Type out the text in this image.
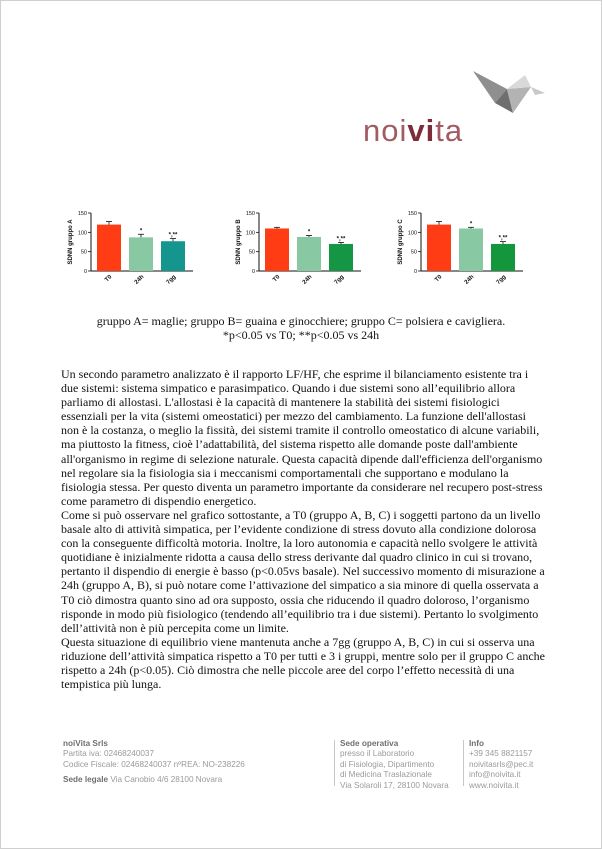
noivita
SDNN gruppo A
0
50
100
150
T0
*
24h
*,**
7gg
SDNN gruppo B
0
50
100
150
T0
*
24h
*,**
7gg
SDNN gruppo C
0
50
100
150
T0
*
24h
*,**
7gg
gruppo A= maglie; gruppo B= guaina e ginocchiere; gruppo C= polsiera e cavigliera.
*p<0.05 vs T0; **p<0.05 vs 24h

Un secondo parametro analizzato è il rapporto LF/HF, che esprime il bilanciamento esistente tra i due sistemi: sistema simpatico e parasimpatico. Quando i due sistemi sono all’equilibrio allora parliamo di allostasi. L'allostasi è la capacità di mantenere la stabilità dei sistemi fisiologici essenziali per la vita (sistemi omeostatici) per mezzo del cambiamento. La funzione dell'allostasi non è la costanza, o meglio la fissità, dei sistemi tramite il controllo omeostatico di alcune variabili, ma piuttosto la fitness, cioè l’adattabilità, del sistema rispetto alle domande poste dall'ambiente all'organismo in regime di selezione naturale. Questa capacità dipende dall'efficienza dell'organismo nel regolare sia la fisiologia sia i meccanismi comportamentali che supportano e modulano la fisiologia stessa. Per questo diventa un parametro importante da considerare nel recupero post-stress come parametro di dispendio energetico.

Come si può osservare nel grafico sottostante, a T0 (gruppo A, B, C) i soggetti partono da un livello basale alto di attività simpatica, per l’evidente condizione di stress dovuto alla condizione dolorosa con la conseguente difficoltà motoria. Inoltre, la loro autonomia e capacità nello svolgere le attività quotidiane è inizialmente ridotta a causa dello stress derivante dal quadro clinico in cui si trovano, pertanto il dispendio di energie è basso (p<0.05vs basale). Nel successivo momento di misurazione a 24h (gruppo A, B), si può notare come l’attivazione del simpatico a sia minore di quella osservata a T0 ciò dimostra quanto sino ad ora supposto, ossia che riducendo il quadro doloroso, l’organismo risponde in modo più fisiologico (tendendo all’equilibrio tra i due sistemi). Pertanto lo svolgimento dell’attività non è più percepita come un limite.

Questa situazione di equilibrio viene mantenuta anche a 7gg (gruppo A, B, C) in cui si osserva una riduzione dell’attività simpatica rispetto a T0 per tutti e 3 i gruppi, mentre solo per il gruppo C anche rispetto a 24h (p<0.05). Ciò dimostra che nelle piccole aree del corpo l’effetto necessità di una tempistica più lunga.

noiVita Srls
Partita iva: 02468240037
Codice Fiscale: 02468240037 nºREA: NO-238226
Sede legale Via Canobio 4/6 28100 Novara
Sede operativa
presso il Laboratorio
di Fisiologia, Dipartimento
di Medicina Traslazionale
Via Solaroli 17, 28100 Novara
Info
+39 345 8821157
noivitasrls@pec.it
info@noivita.it
www.noivita.it
